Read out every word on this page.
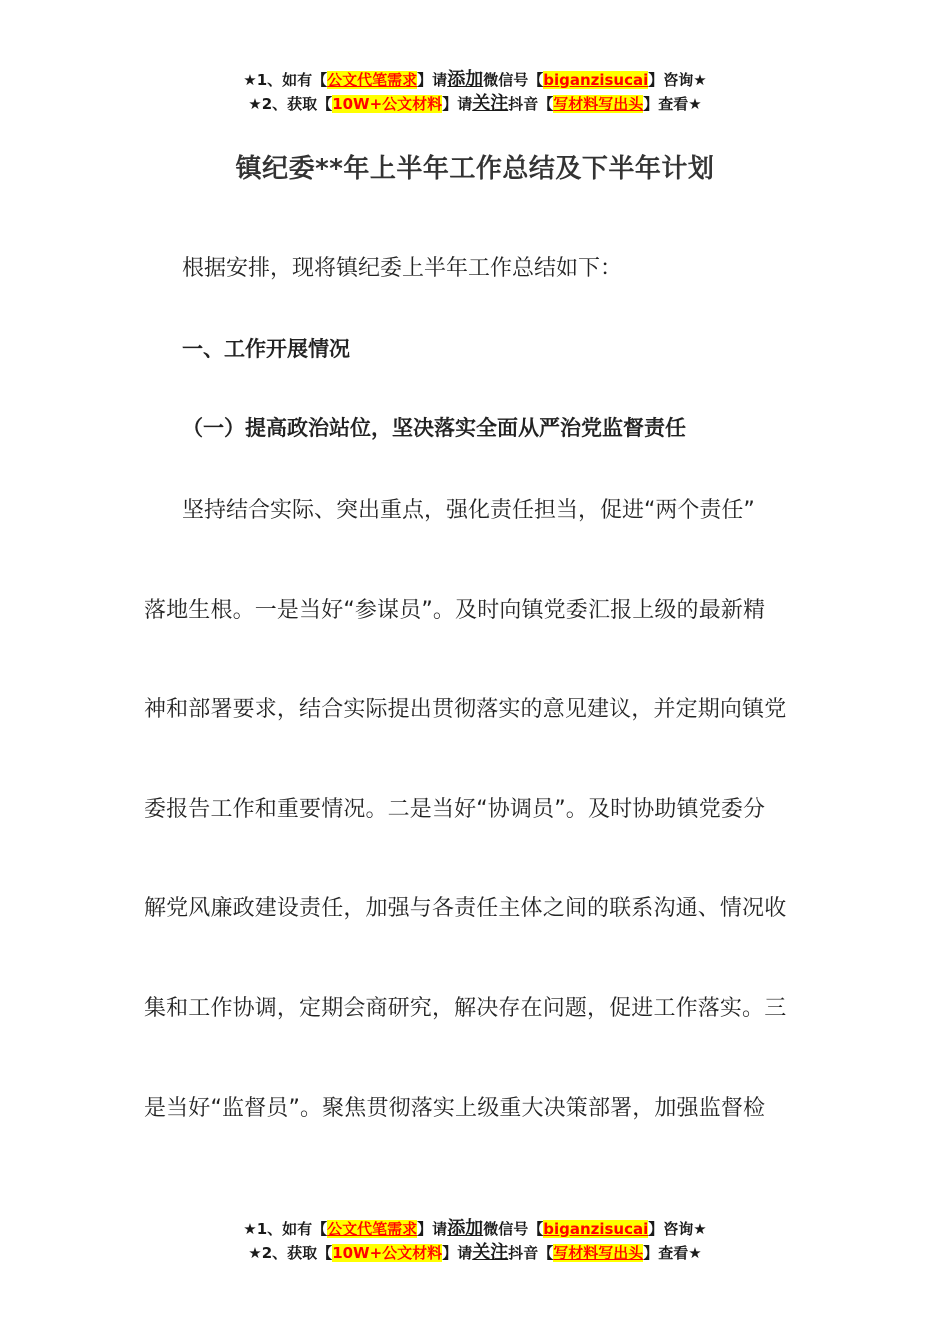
★1、如有【公文代笔需求】请添加微信号【biganzisucai】咨询★
★2、获取【10W+公文材料】请关注抖音【写材料写出头】查看★
镇纪委**年上半年工作总结及下半年计划
根据安排，现将镇纪委上半年工作总结如下：
一、工作开展情况
（一）提高政治站位，坚决落实全面从严治党监督责任
坚持结合实际、突出重点，强化责任担当，促进“两个责任”
落地生根。一是当好“参谋员”。及时向镇党委汇报上级的最新精
神和部署要求，结合实际提出贯彻落实的意见建议，并定期向镇党
委报告工作和重要情况。二是当好“协调员”。及时协助镇党委分
解党风廉政建设责任，加强与各责任主体之间的联系沟通、情况收
集和工作协调，定期会商研究，解决存在问题，促进工作落实。三
是当好“监督员”。聚焦贯彻落实上级重大决策部署，加强监督检
★1、如有【公文代笔需求】请添加微信号【biganzisucai】咨询★
★2、获取【10W+公文材料】请关注抖音【写材料写出头】查看★
